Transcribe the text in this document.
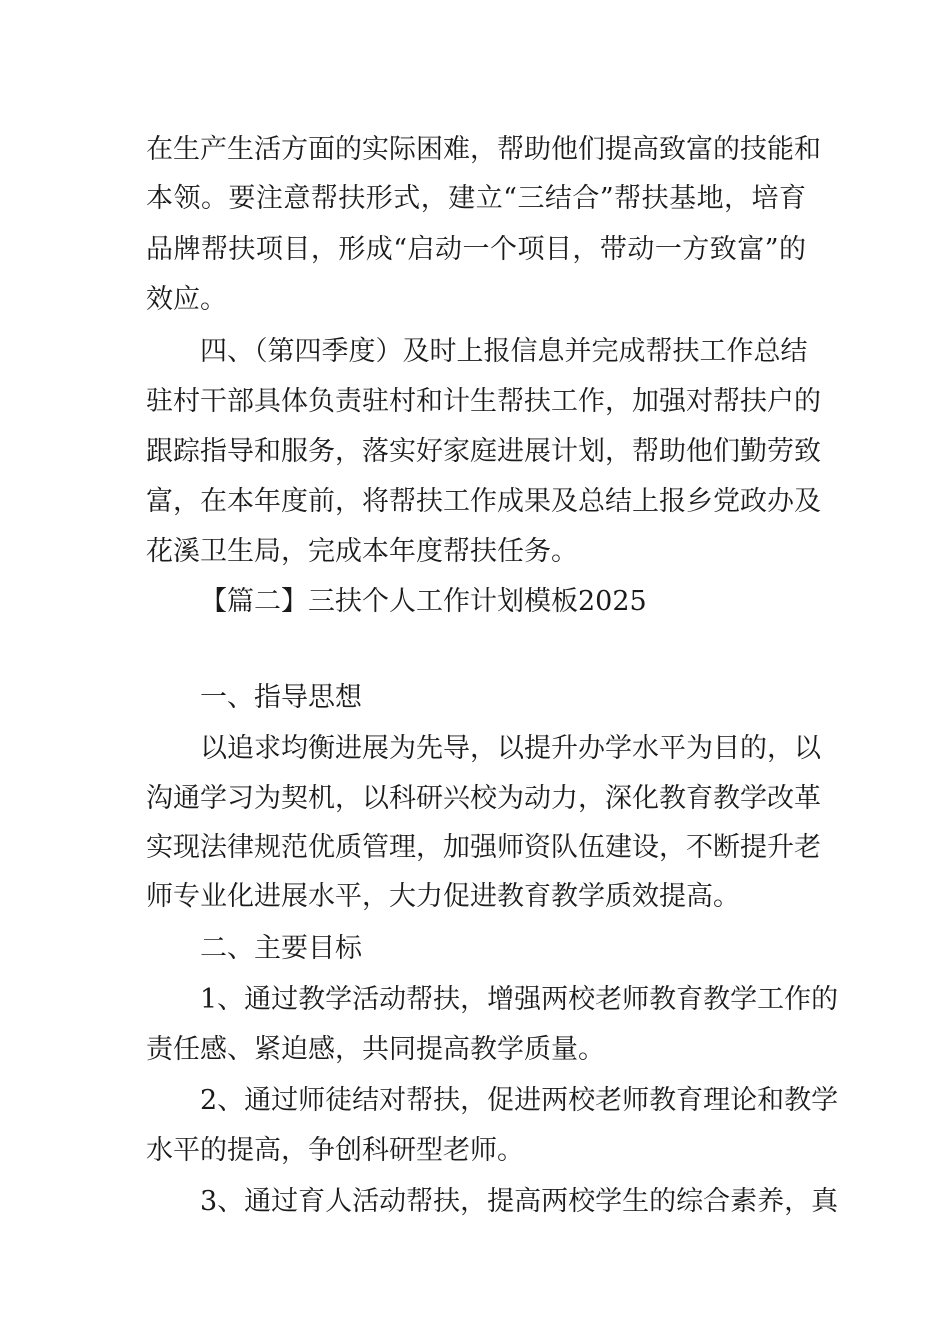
在生产生活方面的实际困难，帮助他们提高致富的技能和
本领。要注意帮扶形式，建立“三结合”帮扶基地，培育
品牌帮扶项目，形成“启动一个项目，带动一方致富”的
效应。
四、（第四季度）及时上报信息并完成帮扶工作总结
驻村干部具体负责驻村和计生帮扶工作，加强对帮扶户的
跟踪指导和服务，落实好家庭进展计划，帮助他们勤劳致
富，在本年度前，将帮扶工作成果及总结上报乡党政办及
花溪卫生局，完成本年度帮扶任务。
【篇二】三扶个人工作计划模板2025
一、指导思想
以追求均衡进展为先导，以提升办学水平为目的，以
沟通学习为契机，以科研兴校为动力，深化教育教学改革
实现法律规范优质管理，加强师资队伍建设，不断提升老
师专业化进展水平，大力促进教育教学质效提高。
二、主要目标
1、通过教学活动帮扶，增强两校老师教育教学工作的
责任感、紧迫感，共同提高教学质量。
2、通过师徒结对帮扶，促进两校老师教育理论和教学
水平的提高，争创科研型老师。
3、通过育人活动帮扶，提高两校学生的综合素养，真
